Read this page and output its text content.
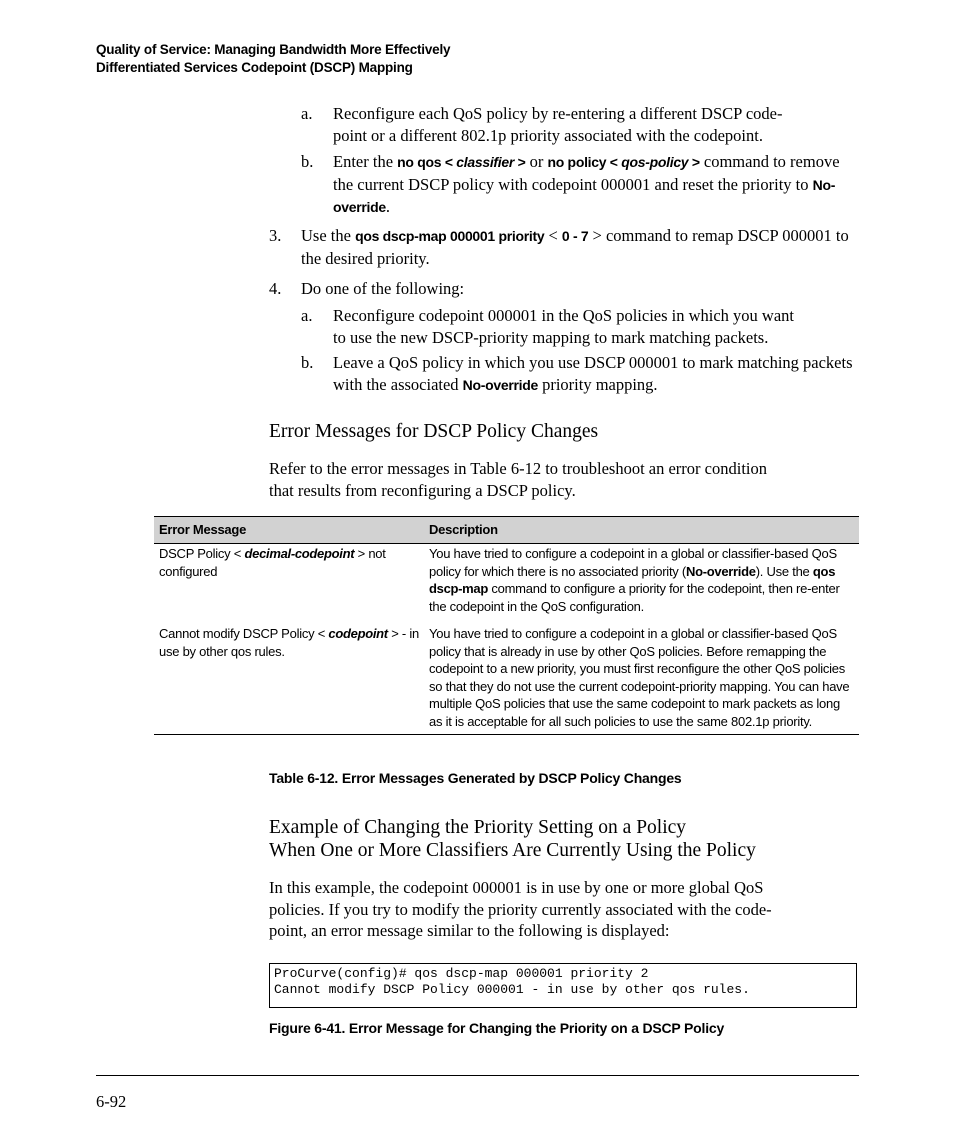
Quality of Service: Managing Bandwidth More Effectively
Differentiated Services Codepoint (DSCP) Mapping
a. Reconfigure each QoS policy by re-entering a different DSCP code-
point or a different 802.1p priority associated with the codepoint.
b. Enter the no qos < classifier > or no policy < qos-policy > command to remove the current DSCP policy with codepoint 000001 and reset the priority to No-override.
3. Use the qos dscp-map 000001 priority < 0 - 7 > command to remap DSCP 000001 to the desired priority.
4. Do one of the following:
a. Reconfigure codepoint 000001 in the QoS policies in which you want
to use the new DSCP-priority mapping to mark matching packets.
b. Leave a QoS policy in which you use DSCP 000001 to mark matching packets with the associated No-override priority mapping.
Error Messages for DSCP Policy Changes
Refer to the error messages in Table 6-12 to troubleshoot an error condition
that results from reconfiguring a DSCP policy.
Error Message	Description
DSCP Policy < decimal-codepoint > not configured	You have tried to configure a codepoint in a global or classifier-based QoS policy for which there is no associated priority (No-override). Use the qos dscp-map command to configure a priority for the codepoint, then re-enter the codepoint in the QoS configuration.
Cannot modify DSCP Policy < codepoint > - in use by other qos rules.	You have tried to configure a codepoint in a global or classifier-based QoS policy that is already in use by other QoS policies. Before remapping the codepoint to a new priority, you must first reconfigure the other QoS policies so that they do not use the current codepoint-priority mapping. You can have multiple QoS policies that use the same codepoint to mark packets as long as it is acceptable for all such policies to use the same 802.1p priority.
Table 6-12. Error Messages Generated by DSCP Policy Changes
Example of Changing the Priority Setting on a Policy
When One or More Classifiers Are Currently Using the Policy
In this example, the codepoint 000001 is in use by one or more global QoS
policies. If you try to modify the priority currently associated with the code-
point, an error message similar to the following is displayed:
ProCurve(config)# qos dscp-map 000001 priority 2
Cannot modify DSCP Policy 000001 - in use by other qos rules.
Figure 6-41. Error Message for Changing the Priority on a DSCP Policy
6-92
